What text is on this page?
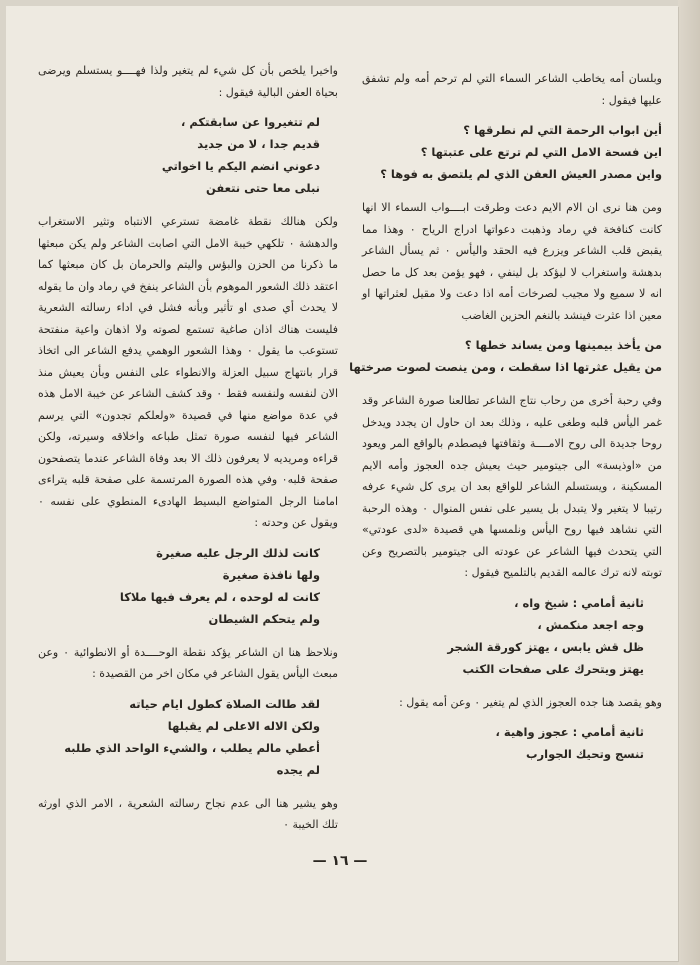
وبلسان أمه يخاطب الشاعر السماء التي لم ترحم أمه ولم تشفق عليها فيقول :

أين ابواب الرحمة التي لم نطرقها ؟
اين فسحة الامل التي لم ترتع على عتبتها ؟
واين مصدر العيش العفن الذي لم يلتصق به فوها ؟

ومن هنا نرى ان الام الايم دعت وطرقت ابــــواب السماء الا انها كانت كنافخة في رماد وذهبت دعواتها ادراج الرياح ٠ وهذا مما يقبض قلب الشاعر ويزرع فيه الحقد واليأس ٠ ثم يسأل الشاعر بدهشة واستغراب لا ليؤكد بل لينفي ، فهو يؤمن بعد كل ما حصل انه لا سميع ولا مجيب لصرخات أمه اذا دعت ولا مقيل لعثراتها او معين اذا عثرت فينشد بالنغم الحزين الغاضب

من يأخذ بيمينها ومن يساند خطها ؟
من يقيل عثرتها اذا سقطت ، ومن ينصت لصوت صرختها

وفي رحبة أخرى من رحاب نتاج الشاعر تطالعنا صورة الشاعر وقد غمر اليأس قلبه وطغى عليه ، وذلك بعد ان حاول ان يجدد ويدخل روحا جديدة الى روح الامــــة وثقافتها فيصطدم بالواقع المر ويعود من «اوذيسة» الى جيتومير حيث يعيش جده العجوز وأمه الايم المسكينة ، ويستسلم الشاعر للواقع بعد ان يرى كل شيء عرفه رتيبا لا يتغير ولا يتبدل بل يسير على نفس المنوال ٠ وهذه الرحبة التي نشاهد فيها روح اليأس ونلمسها هي قصيدة «لدى عودتي» التي يتحدث فيها الشاعر عن عودته الى جيتومير بالتصريح وعن توبته لانه ترك عالمه القديم بالتلميح فيقول :

ثانية أمامي : شيخ واه ،
وجه اجعد منكمش ،
ظل قش يابس ، يهتز كورقة الشجر
يهتز ويتحرك على صفحات الكتب

وهو يقصد هنا جده العجوز الذي لم يتغير ٠ وعن أمه يقول :

ثانية أمامي : عجوز واهية ،
تنسج وتحيك الجوارب

واخيرا يلخص بأن كل شيء لم يتغير ولذا فهــــو يستسلم ويرضى بحياة العفن البالية فيقول :

لم تتغيروا عن سابقتكم ،
قديم جدا ، لا من جديد
دعوني انضم اليكم يا اخواتي
نبلى معا حتى نتعفن

ولكن هنالك نقطة غامضة تسترعي الانتباه وتثير الاستغراب والدهشة ٠ تلكهي خيبة الامل التي اصابت الشاعر ولم يكن مبعثها ما ذكرنا من الحزن والبؤس واليتم والحرمان بل كان مبعثها كما اعتقد ذلك الشعور الموهوم بأن الشاعر ينفخ في رماد وان ما يقوله لا يحدث أي صدى او تأثير وبأنه فشل في اداء رسالته الشعرية فليست هناك اذان صاغية تستمع لصوته ولا اذهان واعية منفتحة تستوعب ما يقول ٠ وهذا الشعور الوهمي يدفع الشاعر الى اتخاذ قرار بانتهاج سبيل العزلة والانطواء على النفس وبأن يعيش منذ الان لنفسه ولنفسه فقط ٠ وقد كشف الشاعر عن خيبة الامل هذه في عدة مواضع منها في قصيدة «ولعلكم تجدون» التي يرسم الشاعر فيها لنفسه صورة تمثل طباعه واخلاقه وسيرته، ولكن قراءه ومريديه لا يعرفون ذلك الا بعد وفاة الشاعر عندما يتصفحون صفحة قلبه٠ وفي هذه الصورة المرتسمة على صفحة قلبه يتراءى امامنا الرجل المتواضع البسيط الهادىء المنطوي على نفسه ٠ ويقول عن وحدته :

كانت لذلك الرجل عليه صغيرة
ولها نافذة صغيرة
كانت له لوحده ، لم يعرف فيها ملاكا
ولم يتحكم الشيطان

ونلاحظ هنا ان الشاعر يؤكد نقطة الوحــــدة أو الانطوائية ٠ وعن مبعث اليأس يقول الشاعر في مكان اخر من القصيدة :

لقد طالت الصلاة كطول ايام حياته
ولكن الاله الاعلى لم يقبلها
أعطي مالم يطلب ، والشيء الواحد الذي طلبه
لم يجده

وهو يشير هنا الى عدم نجاح رسالته الشعرية ، الامر الذي اورثه تلك الخيبة ٠

— ١٦ —
